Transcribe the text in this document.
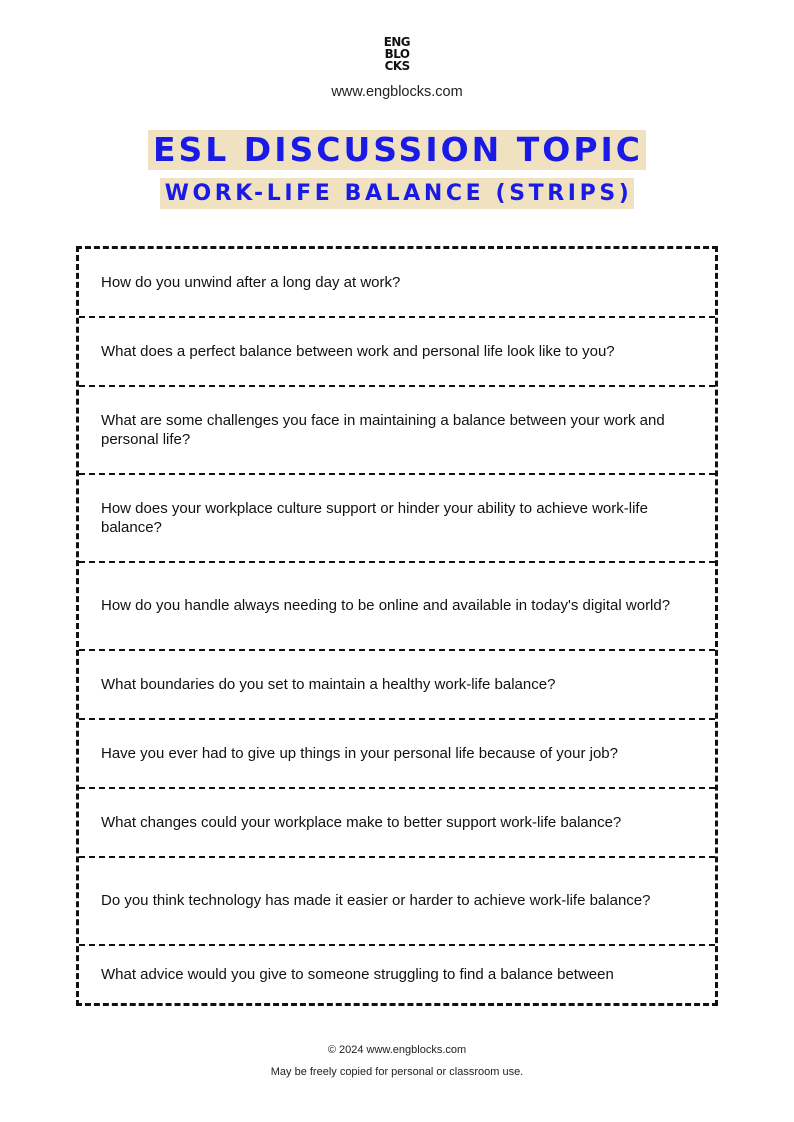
ENG
BLO
CKS
www.engblocks.com
ESL DISCUSSION TOPIC
WORK-LIFE BALANCE (STRIPS)
How do you unwind after a long day at work?
What does a perfect balance between work and personal life look like to you?
What are some challenges you face in maintaining a balance between your work and personal life?
How does your workplace culture support or hinder your ability to achieve work-life balance?
How do you handle always needing to be online and available in today's digital world?
What boundaries do you set to maintain a healthy work-life balance?
Have you ever had to give up things in your personal life because of your job?
What changes could your workplace make to better support work-life balance?
Do you think technology has made it easier or harder to achieve work-life balance?
What advice would you give to someone struggling to find a balance between
© 2024 www.engblocks.com
May be freely copied for personal or classroom use.
